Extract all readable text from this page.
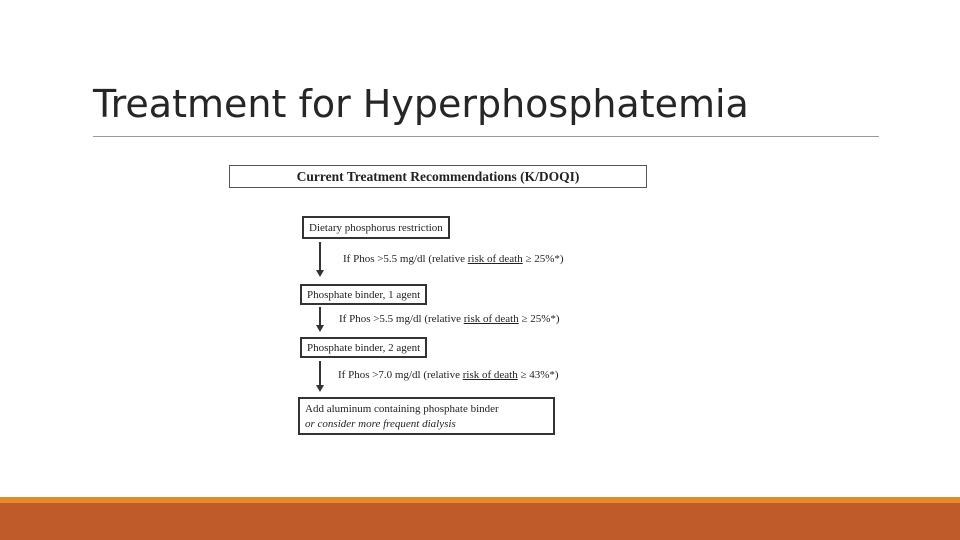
Treatment for Hyperphosphatemia
Current Treatment Recommendations (K/DOQI)
Dietary phosphorus restriction
If Phos >5.5 mg/dl (relative risk of death ≥ 25%*)
Phosphate binder, 1 agent
If Phos >5.5 mg/dl (relative risk of death ≥ 25%*)
Phosphate binder, 2 agent
If Phos >7.0 mg/dl (relative risk of death ≥ 43%*)
Add aluminum containing phosphate binder
or consider more frequent dialysis
